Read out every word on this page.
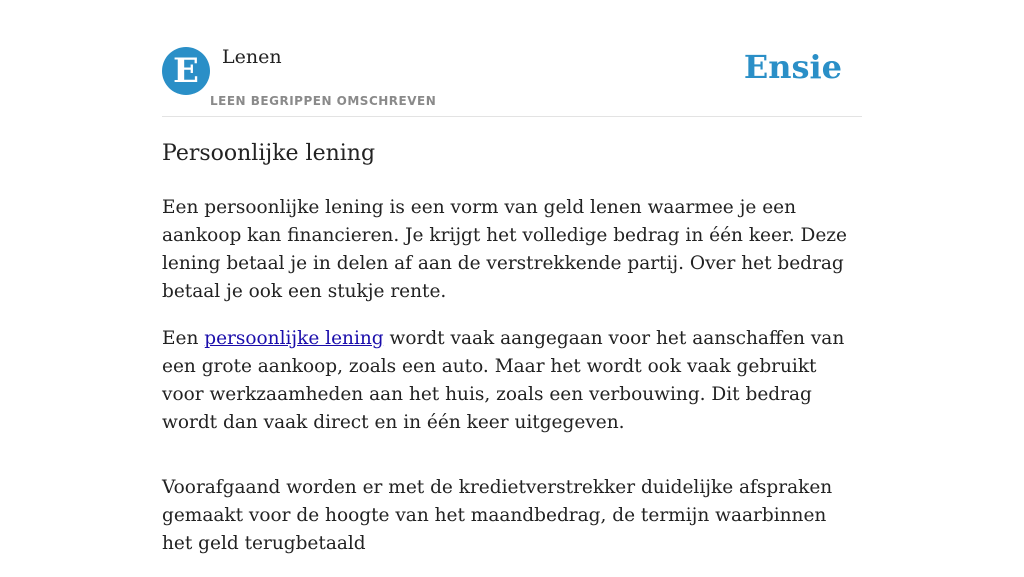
E	Lenen
LEEN BEGRIPPEN OMSCHREVEN
Ensie
Persoonlijke lening

Een persoonlijke lening is een vorm van geld lenen waarmee je een aankoop kan financieren. Je krijgt het volledige bedrag in één keer. Deze lening betaal je in delen af aan de verstrekkende partij. Over het bedrag betaal je ook een stukje rente.

Een persoonlijke lening wordt vaak aangegaan voor het aanschaffen van een grote aankoop, zoals een auto. Maar het wordt ook vaak gebruikt voor werkzaamheden aan het huis, zoals een verbouwing. Dit bedrag wordt dan vaak direct en in één keer uitgegeven.

Voorafgaand worden er met de kredietverstrekker duidelijke afspraken gemaakt voor de hoogte van het maandbedrag, de termijn waarbinnen het geld terugbetaald
